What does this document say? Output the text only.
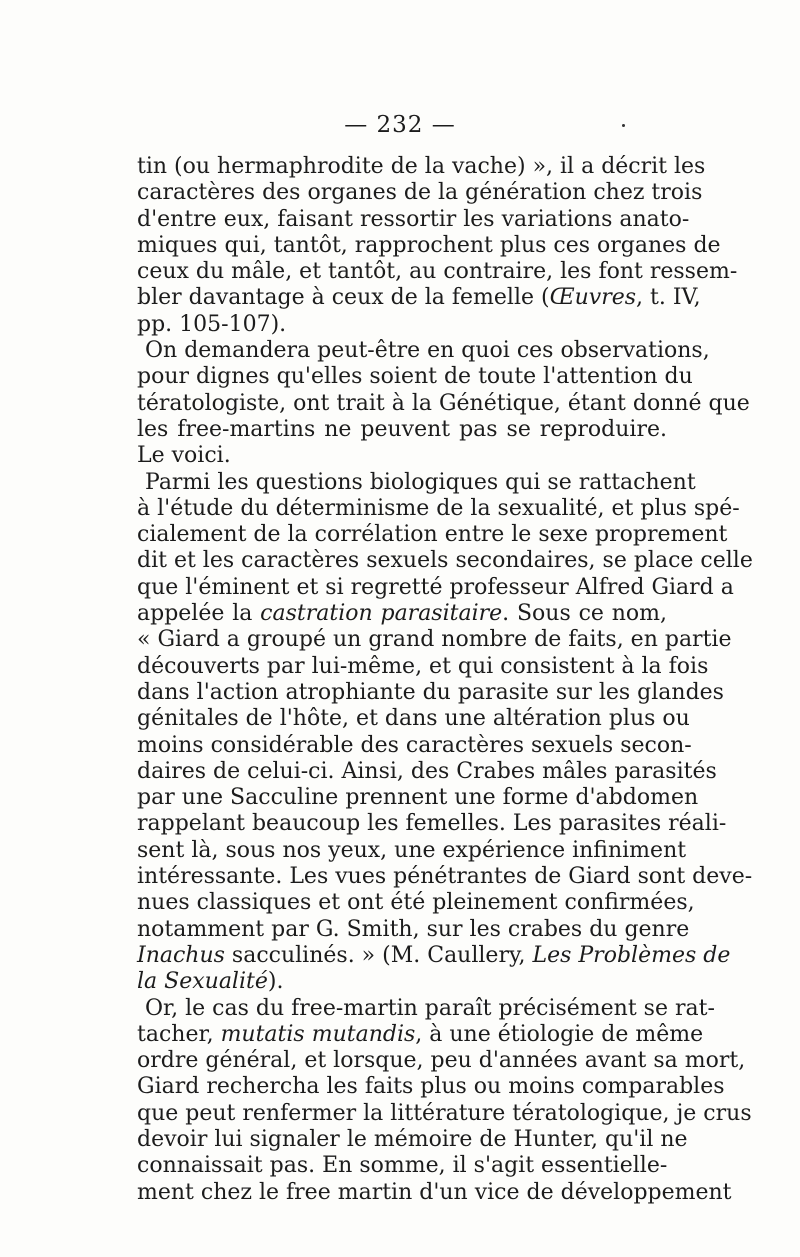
— 232 —
tin (ou hermaphrodite de la vache) », il a décrit les
caractères des organes de la génération chez trois
d'entre eux, faisant ressortir les variations anato-
miques qui, tantôt, rapprochent plus ces organes de
ceux du mâle, et tantôt, au contraire, les font ressem-
bler davantage à ceux de la femelle (Œuvres, t. IV,
pp. 105-107).
On demandera peut-être en quoi ces observations,
pour dignes qu'elles soient de toute l'attention du
tératologiste, ont trait à la Génétique, étant donné que
les free-martins ne peuvent pas se reproduire.
Le voici.
Parmi les questions biologiques qui se rattachent
à l'étude du déterminisme de la sexualité, et plus spé-
cialement de la corrélation entre le sexe proprement
dit et les caractères sexuels secondaires, se place celle
que l'éminent et si regretté professeur Alfred Giard a
appelée la castration parasitaire. Sous ce nom,
« Giard a groupé un grand nombre de faits, en partie
découverts par lui-même, et qui consistent à la fois
dans l'action atrophiante du parasite sur les glandes
génitales de l'hôte, et dans une altération plus ou
moins considérable des caractères sexuels secon-
daires de celui-ci. Ainsi, des Crabes mâles parasités
par une Sacculine prennent une forme d'abdomen
rappelant beaucoup les femelles. Les parasites réali-
sent là, sous nos yeux, une expérience infiniment
intéressante. Les vues pénétrantes de Giard sont deve-
nues classiques et ont été pleinement confirmées,
notamment par G. Smith, sur les crabes du genre
Inachus sacculinés. » (M. Caullery, Les Problèmes de
la Sexualité).
Or, le cas du free-martin paraît précisément se rat-
tacher, mutatis mutandis, à une étiologie de même
ordre général, et lorsque, peu d'années avant sa mort,
Giard rechercha les faits plus ou moins comparables
que peut renfermer la littérature tératologique, je crus
devoir lui signaler le mémoire de Hunter, qu'il ne
connaissait pas. En somme, il s'agit essentielle-
ment chez le free martin d'un vice de développement
